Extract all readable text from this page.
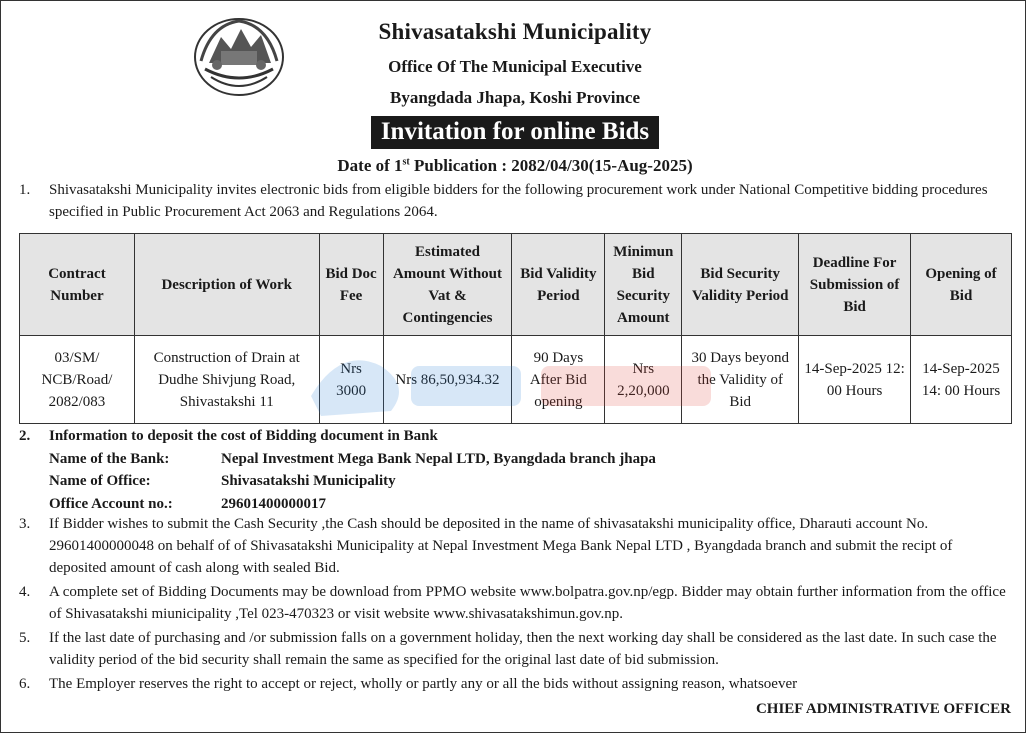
Shivasatakshi Municipality
Office Of The Municipal Executive
Byangdada Jhapa, Koshi Province
Invitation for online Bids
Date of 1st Publication : 2082/04/30(15-Aug-2025)
1. Shivasatakshi Municipality invites electronic bids from eligible bidders for the following procurement work under National Competitive bidding procedures specified in Public Procurement Act 2063 and Regulations 2064.
Contract Number	Description of Work	Bid Doc Fee	Estimated Amount Without Vat & Contingencies	Bid Validity Period	Minimun Bid Security Amount	Bid Security Validity Period	Deadline For Submission of Bid	Opening of Bid
03/SM/ NCB/Road/ 2082/083	Construction of Drain at Dudhe Shivjung Road, Shivastakshi 11	Nrs 3000	Nrs 86,50,934.32	90 Days After Bid opening	Nrs 2,20,000	30 Days beyond the Validity of Bid	14-Sep-2025 12: 00 Hours	14-Sep-2025 14: 00 Hours
2.	Information to deposit the cost of Bidding document in Bank
Name of the Bank:	Nepal Investment Mega Bank Nepal LTD, Byangdada branch jhapa
Name of Office:	Shivasatakshi Municipality
Office Account no.:	29601400000017
3. If Bidder wishes to submit the Cash Security ,the Cash should be deposited in the name of shivasatakshi municipality office, Dharauti account No. 29601400000048 on behalf of of Shivasatakshi Municipality at Nepal Investment Mega Bank Nepal LTD , Byangdada branch and submit the recipt of deposited amount of cash along with sealed Bid.
4. A complete set of Bidding Documents may be download from PPMO website www.bolpatra.gov.np/egp. Bidder may obtain further information from the office of Shivasatakshi miunicipality ,Tel 023-470323 or visit website www.shivasatakshimun.gov.np.
5. If the last date of purchasing and /or submission falls on a government holiday, then the next working day shall be considered as the last date. In such case the validity period of the bid security shall remain the same as specified for the original last date of bid submission.
6. The Employer reserves the right to accept or reject, wholly or partly any or all the bids without assigning reason, whatsoever
CHIEF ADMINISTRATIVE OFFICER
